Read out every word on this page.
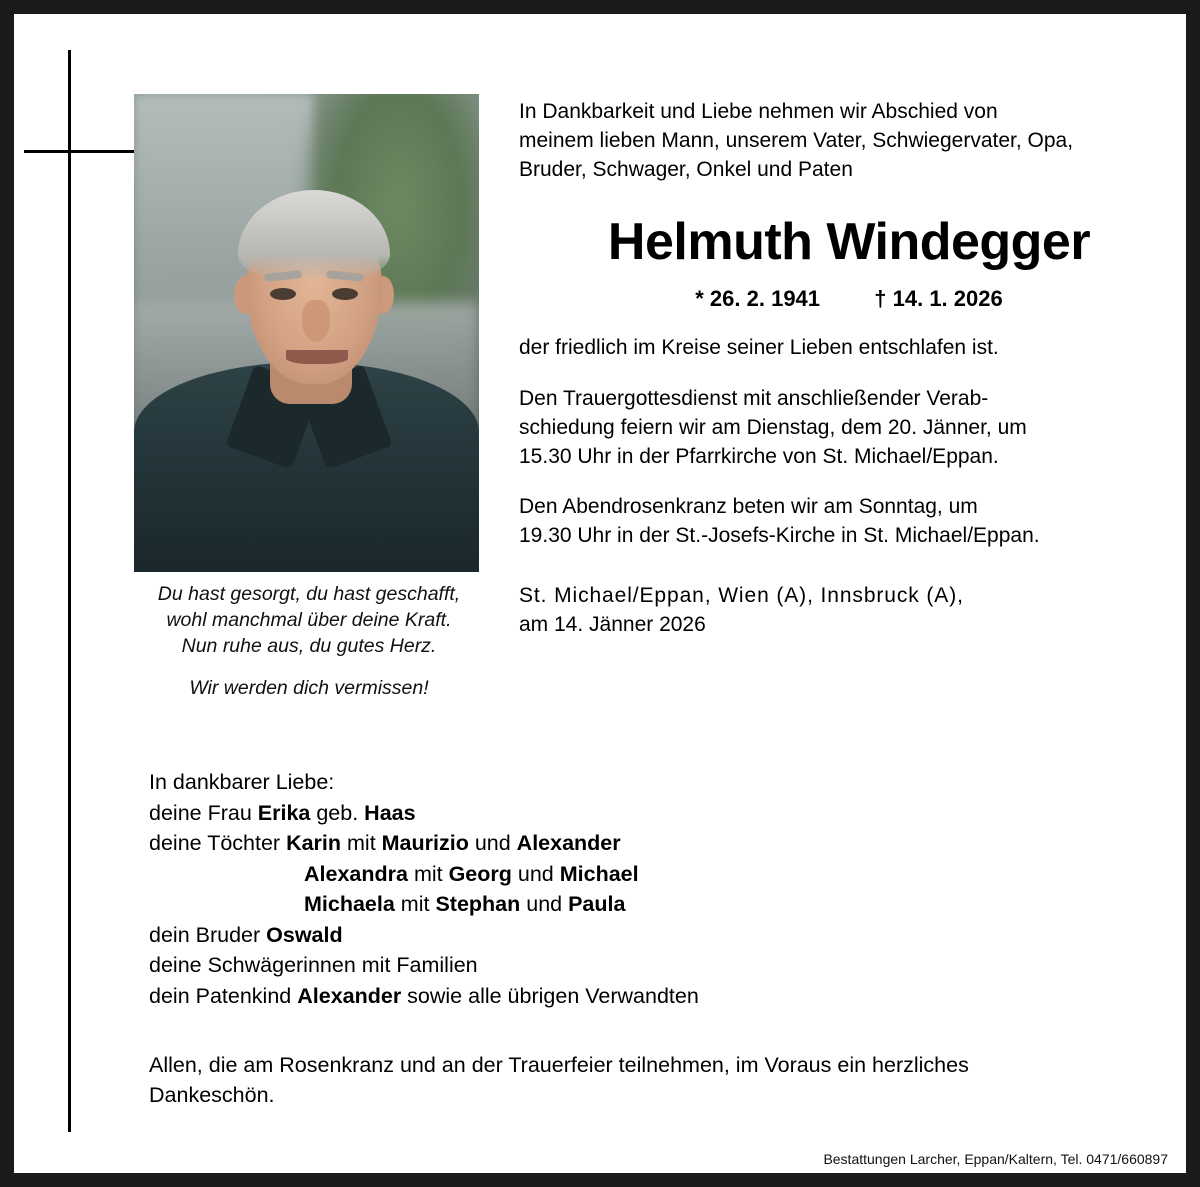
Du hast gesorgt, du hast geschafft,
wohl manchmal über deine Kraft.
Nun ruhe aus, du gutes Herz.
Wir werden dich vermissen!
In Dankbarkeit und Liebe nehmen wir Abschied von
meinem lieben Mann, unserem Vater, Schwiegervater, Opa,
Bruder, Schwager, Onkel und Paten
Helmuth Windegger
* 26. 2. 1941 † 14. 1. 2026
der friedlich im Kreise seiner Lieben entschlafen ist.
Den Trauergottesdienst mit anschließender Verab-
schiedung feiern wir am Dienstag, dem 20. Jänner, um
15.30 Uhr in der Pfarrkirche von St. Michael/Eppan.
Den Abendrosenkranz beten wir am Sonntag, um
19.30 Uhr in der St.-Josefs-Kirche in St. Michael/Eppan.
St. Michael/Eppan, Wien (A), Innsbruck (A),
am 14. Jänner 2026
In dankbarer Liebe:
deine Frau Erika geb. Haas
deine Töchter Karin mit Maurizio und Alexander
Alexandra mit Georg und Michael
Michaela mit Stephan und Paula
dein Bruder Oswald
deine Schwägerinnen mit Familien
dein Patenkind Alexander sowie alle übrigen Verwandten
Allen, die am Rosenkranz und an der Trauerfeier teilnehmen, im Voraus ein herzliches
Dankeschön.
Bestattungen Larcher, Eppan/Kaltern, Tel. 0471/660897
